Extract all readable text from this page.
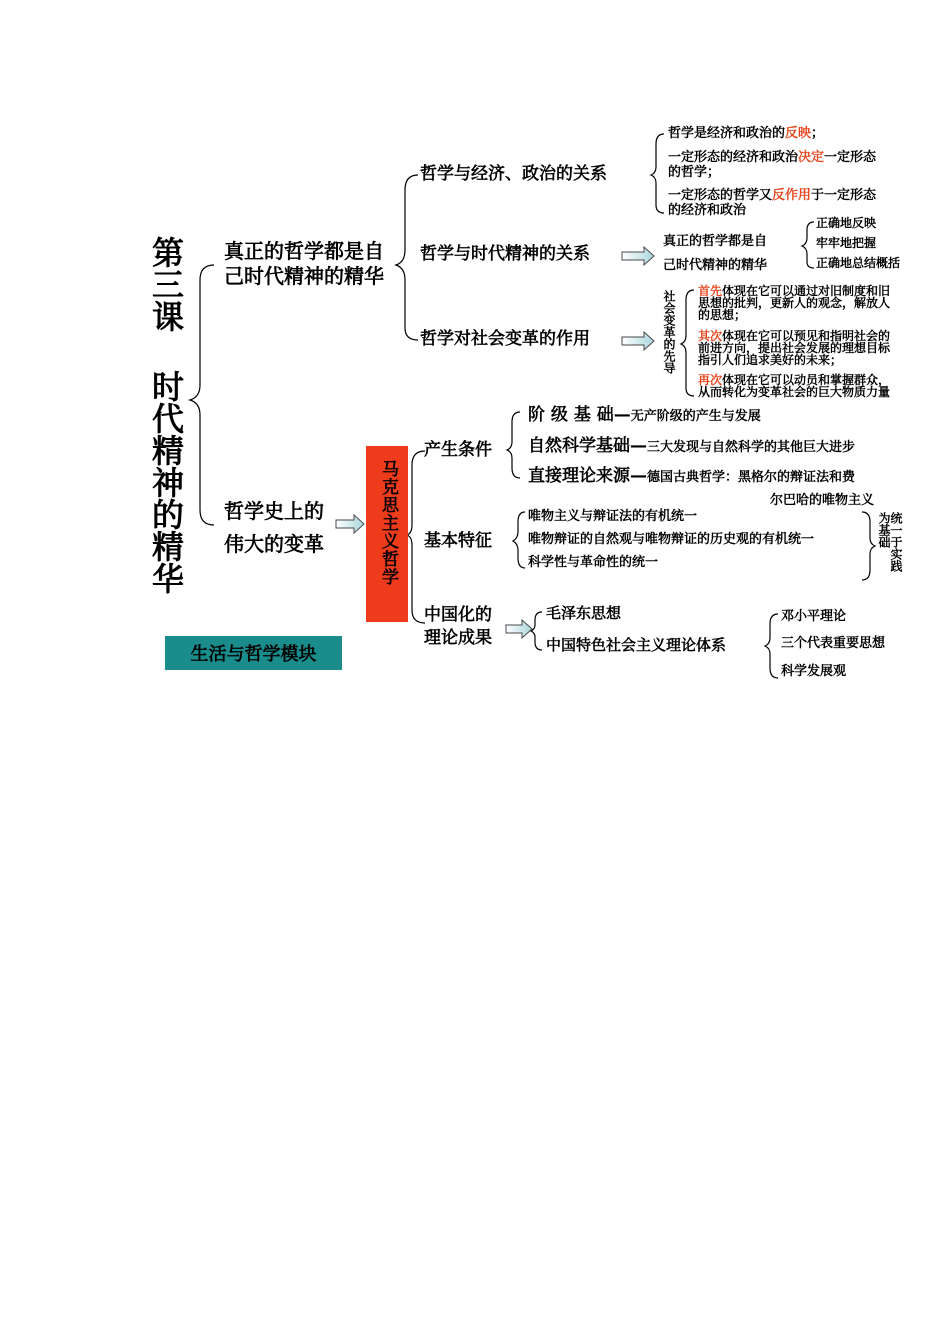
第三课 时代精神的精华
生活与哲学模块
真正的哲学都是自
己时代精神的精华
哲学与经济、政治的关系
哲学与时代精神的关系
哲学对社会变革的作用
哲学是经济和政治的反映；
一定形态的经济和政治决定一定形态
的哲学；
一定形态的哲学又反作用于一定形态
的经济和政治
真正的哲学都是自
己时代精神的精华
正确地反映
牢牢地把握
正确地总结概括
社会变革的先导 首先体现在它可以通过对旧制度和旧
思想的批判，更新人的观念，解放人
的思想；
其次体现在它可以预见和指明社会的
前进方向，提出社会发展的理想目标
指引人们追求美好的未来；
再次体现在它可以动员和掌握群众，
从而转化为变革社会的巨大物质力量
哲学史上的
伟大的变革	马克思主义哲学
产生条件
基本特征
中国化的
理论成果
阶 级 基 础—无产阶级的产生与发展
自然科学基础—三大发现与自然科学的其他巨大进步
直接理论来源—德国古典哲学：黑格尔的辩证法和费
尔巴哈的唯物主义
唯物主义与辩证法的有机统一
唯物辩证的自然观与唯物辩证的历史观的有机统一
科学性与革命性的统一	统一于实践为基础
毛泽东思想
中国特色社会主义理论体系
邓小平理论
三个代表重要思想
科学发展观
